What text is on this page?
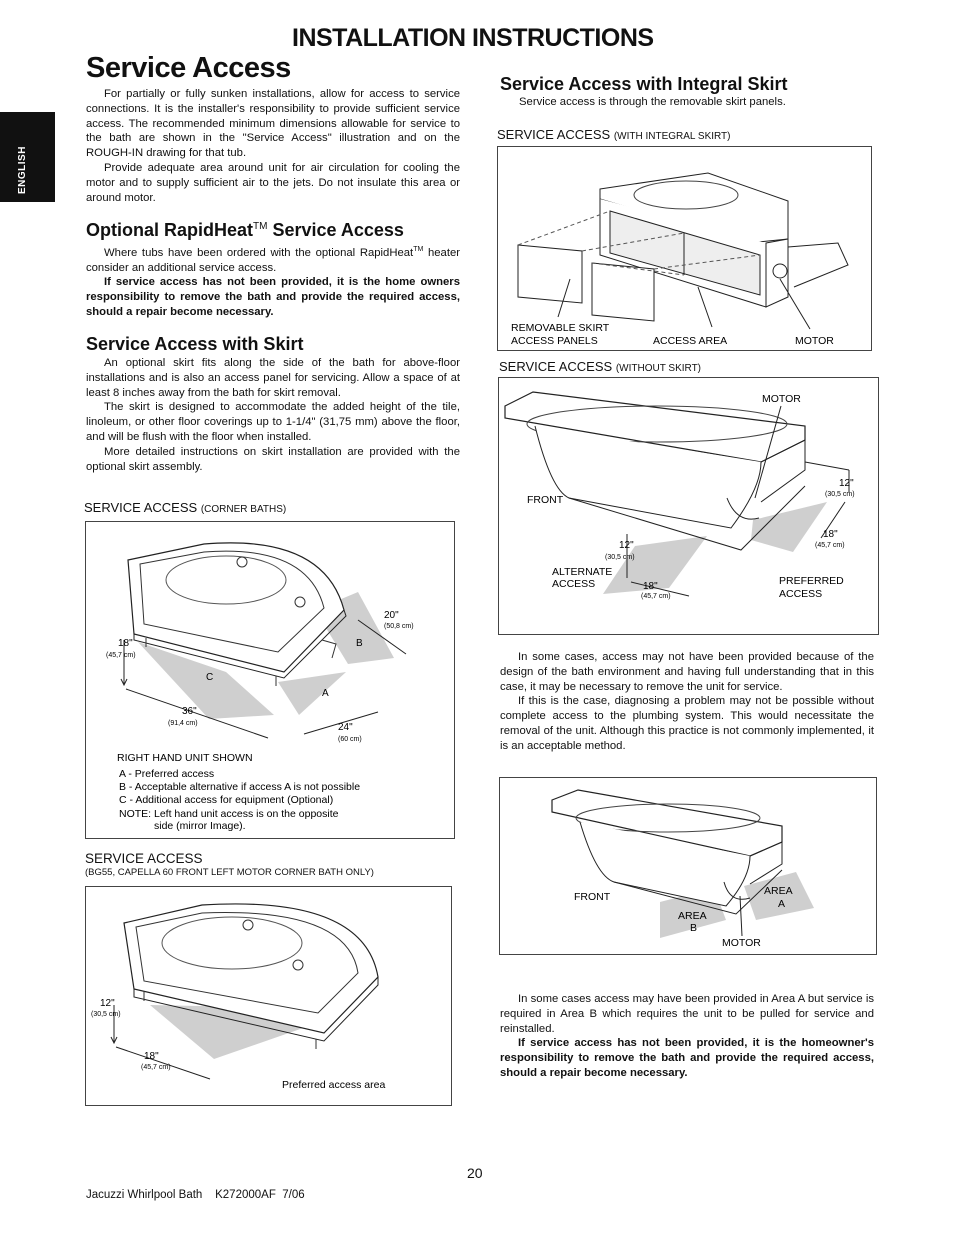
INSTALLATION INSTRUCTIONS
ENGLISH
Service Access

For partially or fully sunken installations, allow for access to service connections. It is the installer's responsibility to provide sufficient service access. The recommended minimum dimensions allowable for service to the bath are shown in the "Service Access" illustration and on the ROUGH-IN drawing for that tub.

Provide adequate area around unit for air circulation for cooling the motor and to supply sufficient air to the jets. Do not insulate this area or around motor.

Optional RapidHeat™ Service Access

Where tubs have been ordered with the optional RapidHeat™ heater consider an additional service access.

If service access has not been provided, it is the home owners responsibility to remove the bath and provide the required access, should a repair become necessary.

Service Access with Skirt

An optional skirt fits along the side of the bath for above-floor installations and is also an access panel for servicing. Allow a space of at least 8 inches away from the bath for skirt removal.

The skirt is designed to accommodate the added height of the tile, linoleum, or other floor coverings up to 1-1/4" (31,75 mm) above the floor, and will be flush with the floor when installed.

More detailed instructions on skirt installation are provided with the optional skirt assembly.

SERVICE ACCESS (CORNER BATHS)
18"
(45,7 cm)
20"
(50,8 cm)
36"
(91,4 cm)	24"
(60 cm)
C
A
B
RIGHT HAND UNIT SHOWN
A - Preferred access
B - Acceptable alternative if access A is not possible
C - Additional access for equipment (Optional)
NOTE: Left hand unit access is on the opposite
side (mirror Image).
SERVICE ACCESS
(BG55, CAPELLA 60 FRONT LEFT MOTOR CORNER BATH ONLY)
12"
(30,5 cm)
18"
(45,7 cm)
Preferred access area
Service Access with Integral Skirt
Service access is through the removable skirt panels.
SERVICE ACCESS (WITH INTEGRAL SKIRT)
REMOVABLE SKIRT
ACCESS PANELS	ACCESS AREA	MOTOR
SERVICE ACCESS (WITHOUT SKIRT)
MOTOR
FRONT
12"
(30,5 cm)
18"
(45,7 cm)
12"
(30,5 cm)
18"
(45,7 cm)
ALTERNATE
ACCESS	PREFERRED
ACCESS

In some cases, access may not have been provided because of the design of the bath environment and having full understanding that in this case, it may be necessary to remove the unit for service.

If this is the case, diagnosing a problem may not be possible without complete access to the plumbing system. This would necessitate the removal of the unit. Although this practice is not commonly implemented, it is an acceptable method.

FRONT	AREA
A
AREA
B
MOTOR

In some cases access may have been provided in Area A but service is required in Area B which requires the unit to be pulled for service and reinstalled.

If service access has not been provided, it is the homeowner's responsibility to remove the bath and provide the required access, should a repair become necessary.

20
Jacuzzi Whirlpool Bath    K272000AF  7/06
